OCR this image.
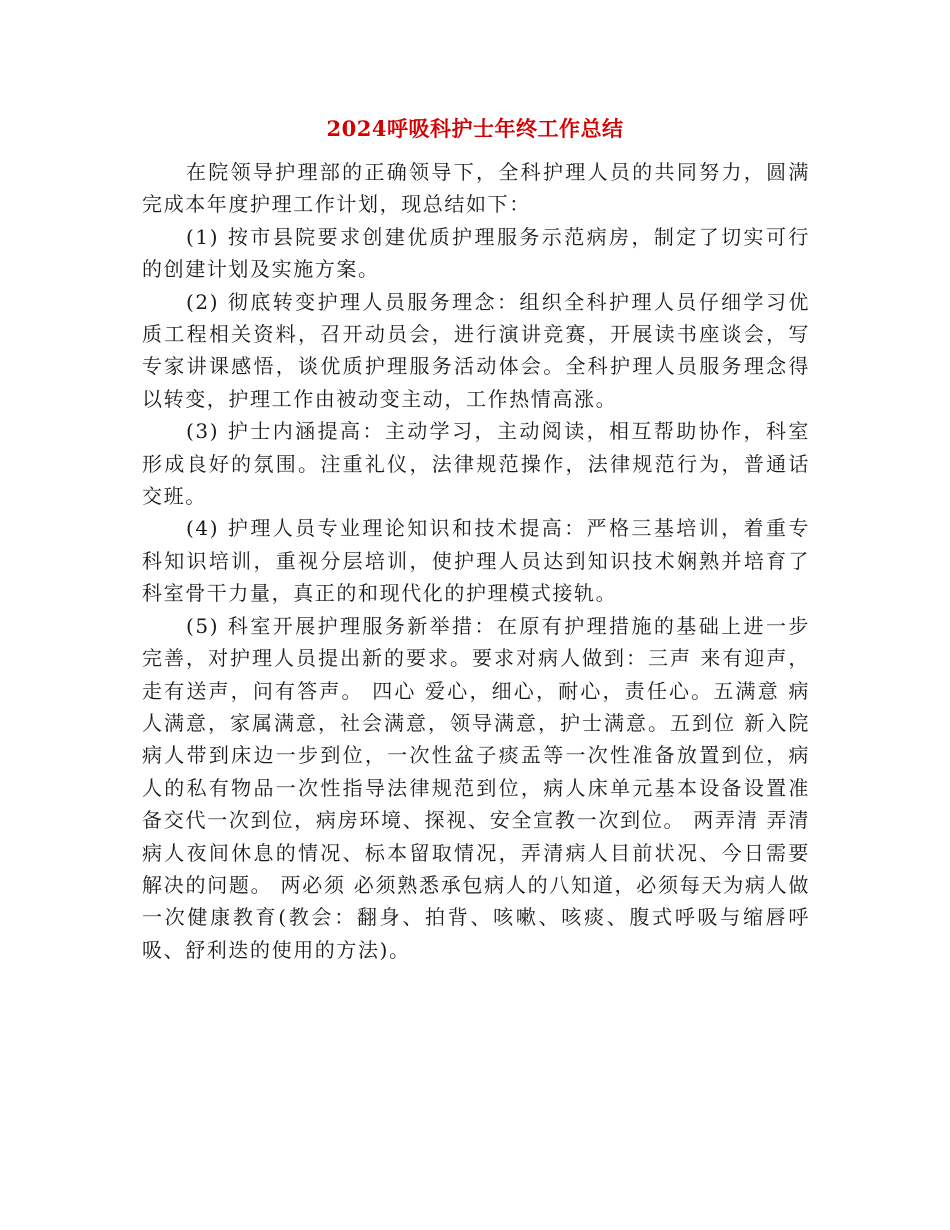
2024呼吸科护士年终工作总结

在院领导护理部的正确领导下，全科护理人员的共同努力，圆满完成本年度护理工作计划，现总结如下：

(1) 按市县院要求创建优质护理服务示范病房，制定了切实可行的创建计划及实施方案。

(2) 彻底转变护理人员服务理念：组织全科护理人员仔细学习优质工程相关资料，召开动员会，进行演讲竞赛，开展读书座谈会，写专家讲课感悟，谈优质护理服务活动体会。全科护理人员服务理念得以转变，护理工作由被动变主动，工作热情高涨。

(3) 护士内涵提高：主动学习，主动阅读，相互帮助协作，科室形成良好的氛围。注重礼仪，法律规范操作，法律规范行为，普通话交班。

(4) 护理人员专业理论知识和技术提高：严格三基培训，着重专科知识培训，重视分层培训，使护理人员达到知识技术娴熟并培育了科室骨干力量，真正的和现代化的护理模式接轨。

(5) 科室开展护理服务新举措：在原有护理措施的基础上进一步完善，对护理人员提出新的要求。要求对病人做到：三声 来有迎声，走有送声，问有答声。 四心 爱心，细心，耐心，责任心。五满意 病人满意，家属满意，社会满意，领导满意，护士满意。五到位 新入院病人带到床边一步到位，一次性盆子痰盂等一次性准备放置到位，病人的私有物品一次性指导法律规范到位，病人床单元基本设备设置准备交代一次到位，病房环境、探视、安全宣教一次到位。 两弄清 弄清病人夜间休息的情况、标本留取情况，弄清病人目前状况、今日需要解决的问题。 两必须 必须熟悉承包病人的八知道，必须每天为病人做一次健康教育(教会：翻身、拍背、咳嗽、咳痰、腹式呼吸与缩唇呼吸、舒利迭的使用的方法)。
